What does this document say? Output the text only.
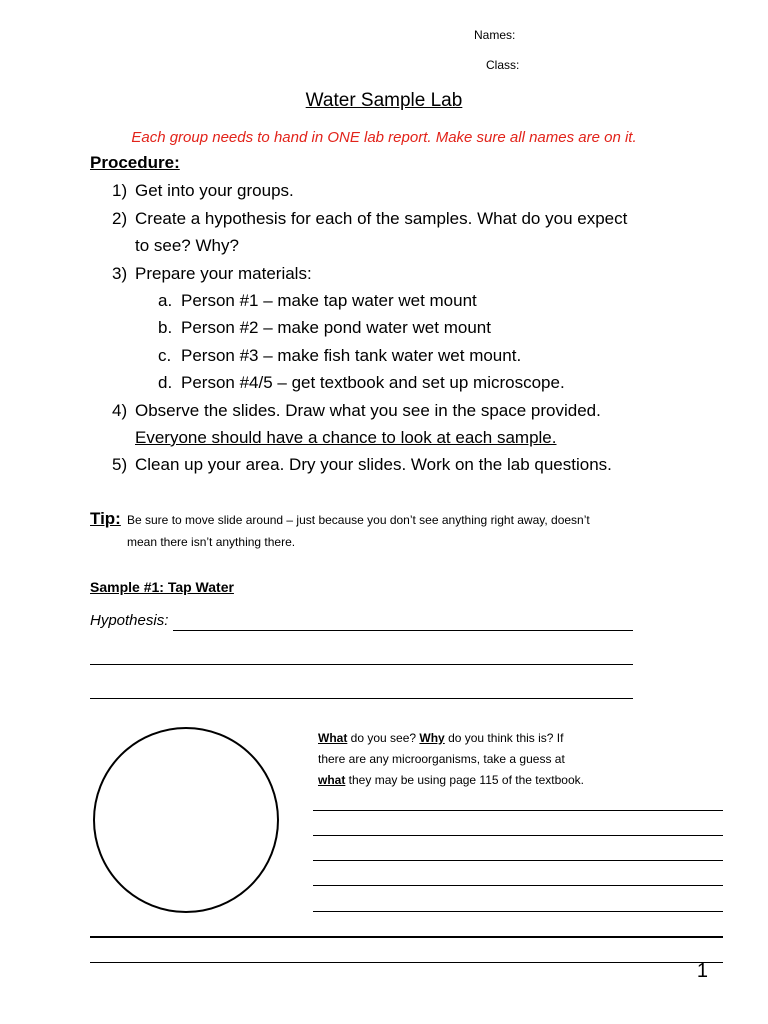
Names:
Class:
Water Sample Lab
Each group needs to hand in ONE lab report. Make sure all names are on it.
Procedure:
1) Get into your groups.
2) Create a hypothesis for each of the samples. What do you expect
to see? Why?
3) Prepare your materials:
a. Person #1 – make tap water wet mount
b. Person #2 – make pond water wet mount
c. Person #3 – make fish tank water wet mount.
d. Person #4/5 – get textbook and set up microscope.
4) Observe the slides. Draw what you see in the space provided.
Everyone should have a chance to look at each sample.
5) Clean up your area. Dry your slides. Work on the lab questions.
Tip: Be sure to move slide around – just because you don’t see anything right away, doesn’t
mean there isn’t anything there.
Sample #1: Tap Water
Hypothesis:
What do you see? Why do you think this is? If
there are any microorganisms, take a guess at
what they may be using page 115 of the textbook.
1
